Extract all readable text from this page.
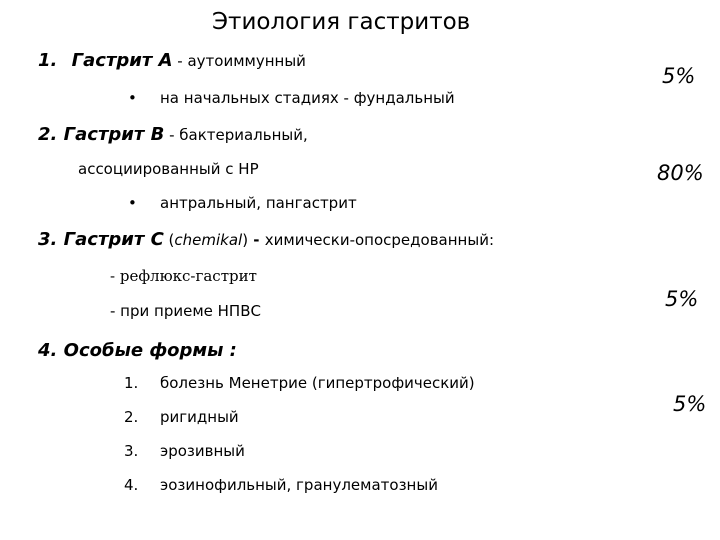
Этиология гастритов
1. Гастрит А - аутоиммунный
• на начальных стадиях - фундальный
5%
2. Гастрит В - бактериальный,
ассоциированный с НР
• антральный, пангастрит
80%
3. Гастрит С (chemikal) - химически-опосредованный:
- рефлюкс-гастрит
- при приеме НПВС	5%
4. Особые формы :
1. болезнь Менетрие (гипертрофический)
2. ригидный
3. эрозивный
4. эозинофильный, гранулематозный
5%
